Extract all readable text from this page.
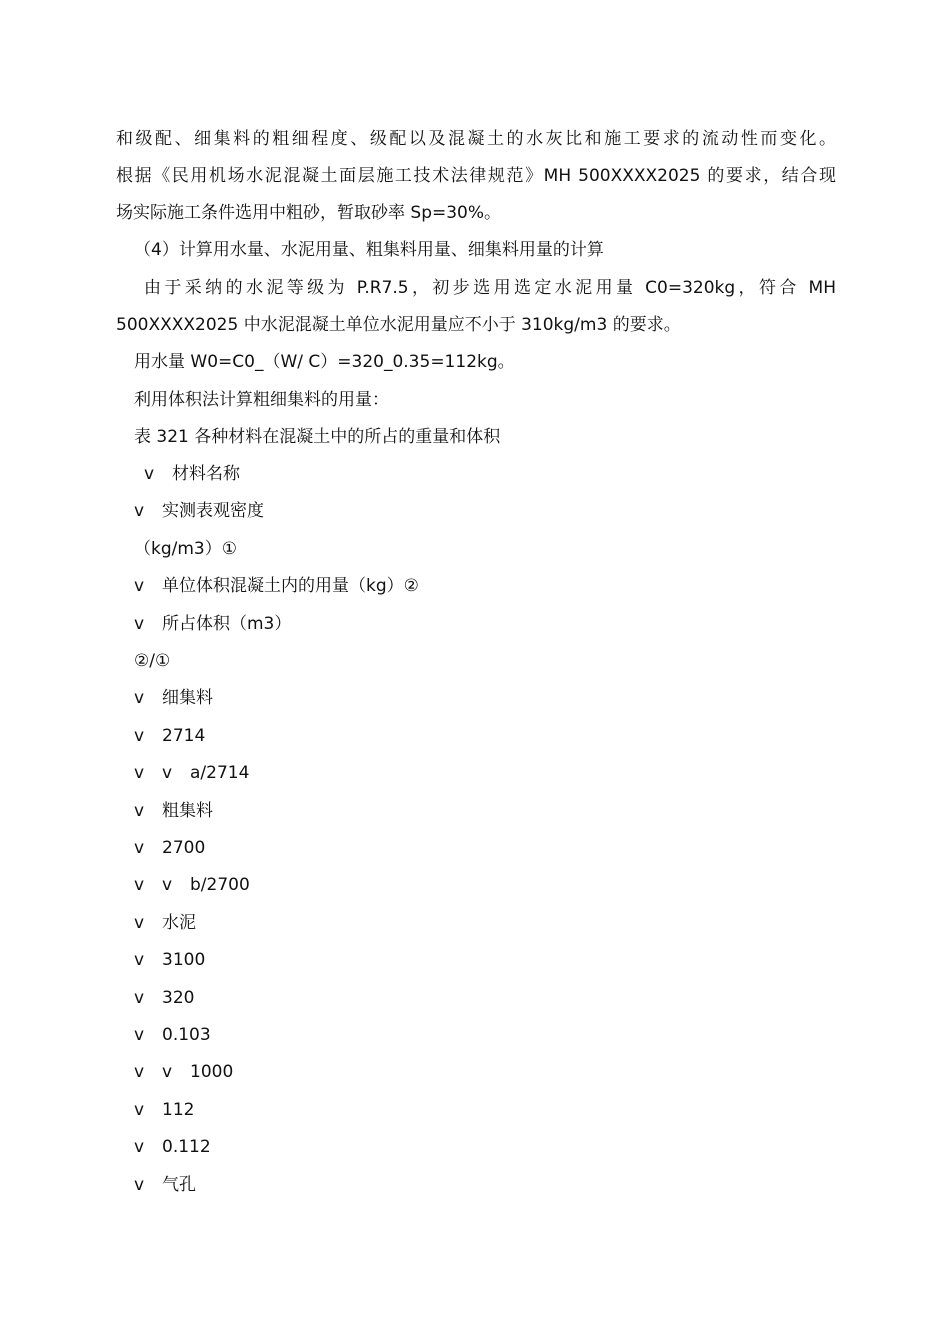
和级配、细集料的粗细程度、级配以及混凝土的水灰比和施工要求的流动性而变化。
根据《民用机场水泥混凝土面层施工技术法律规范》MH 500XXXX2025 的要求，结合现
场实际施工条件选用中粗砂，暂取砂率 Sp=30%。
（4）计算用水量、水泥用量、粗集料用量、细集料用量的计算
由于采纳的水泥等级为 P.R7.5，初步选用选定水泥用量 C0=320kg，符合 MH
500XXXX2025 中水泥混凝土单位水泥用量应不小于 310kg/m3 的要求。
用水量 W0=C0_（W/ C）=320_0.35=112kg。
利用体积法计算粗细集料的用量：
表 321 各种材料在混凝土中的所占的重量和体积
v 材料名称
v 实测表观密度
（kg/m3）①
v 单位体积混凝土内的用量（kg）②
v 所占体积（m3）
②/①
v 细集料
v 2714
v v a/2714
v 粗集料
v 2700
v v b/2700
v 水泥
v 3100
v 320
v 0.103
v v 1000
v 112
v 0.112
v 气孔
